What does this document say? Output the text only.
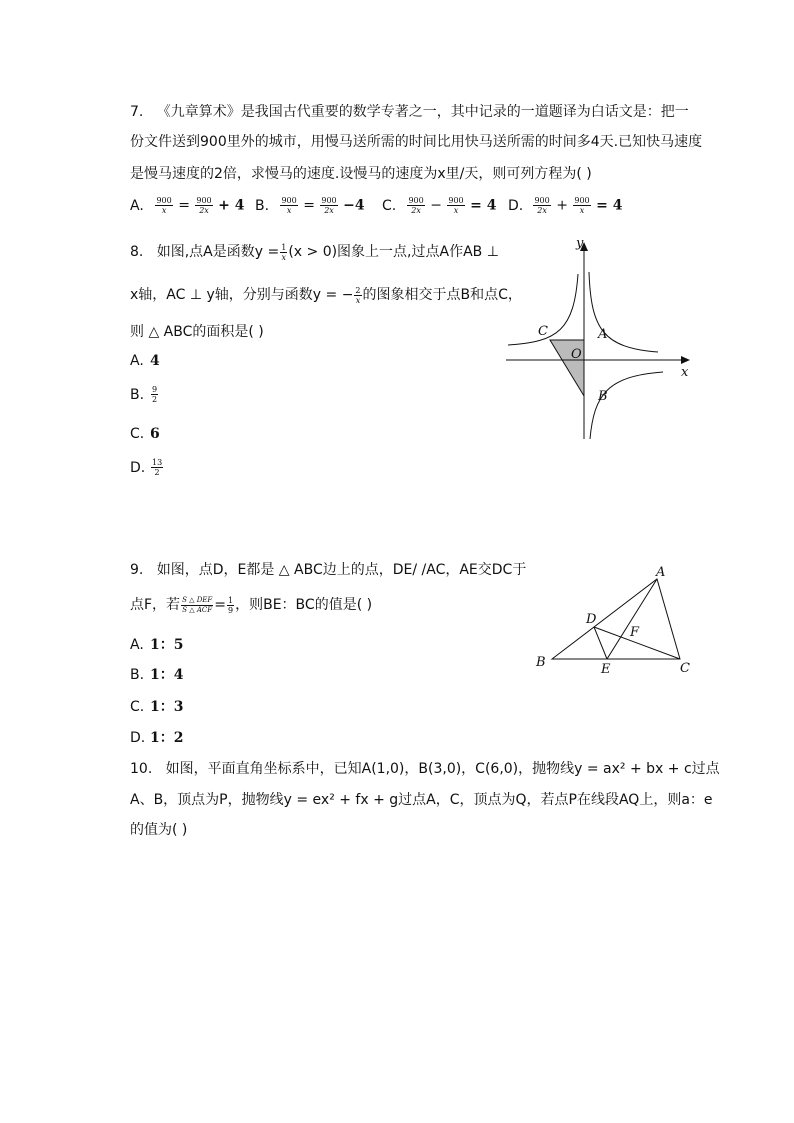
7. 《九章算术》是我国古代重要的数学专著之一，其中记录的一道题译为白话文是：把一
份文件送到900里外的城市，用慢马送所需的时间比用快马送所需的时间多4天.已知快马速度
是慢马速度的2倍，求慢马的速度.设慢马的速度为x里/天，则可列方程为( )
A. $\frac{900}{x} = \frac{900}{2x} + 4$ B. $\frac{900}{x} = \frac{900}{2x} -4$ C. $\frac{900}{2x} - \frac{900}{x} = 4$ D. $\frac{900}{2x} + \frac{900}{x} = 4$
8. 如图,点A是函数$y = \frac{1}{x} (x > 0)$图象上一点,过点A作AB ⊥
x轴，AC ⊥ y轴，分别与函数y = − $\frac{2}{x}$ 的图象相交于点B和点C，
则 △ ABC的面积是( )
A. 4
B. $\frac{9}{2}$
C. 6
D. $\frac{13}{2}$
y
x
A
B
C
O
9. 如图，点D，E都是 △ ABC边上的点，DE/ /AC，AE交DC于
点F，若 $\frac{\text{S △ DEF}}{\text{S △ ACF}} = \frac{1}{9}$ ，则BE：BC的值是( )
A. 1：5
B. 1：4
C. 1：3
D. 1：2
A
B	C
D
E
F
10. 如图，平面直角坐标系中，已知A(1,0)，B(3,0)，C(6,0)，抛物线y = ax² + bx + c过点
A、B，顶点为P，抛物线y = ex² + fx + g过点A，C，顶点为Q，若点P在线段AQ上，则a：e
的值为( )
